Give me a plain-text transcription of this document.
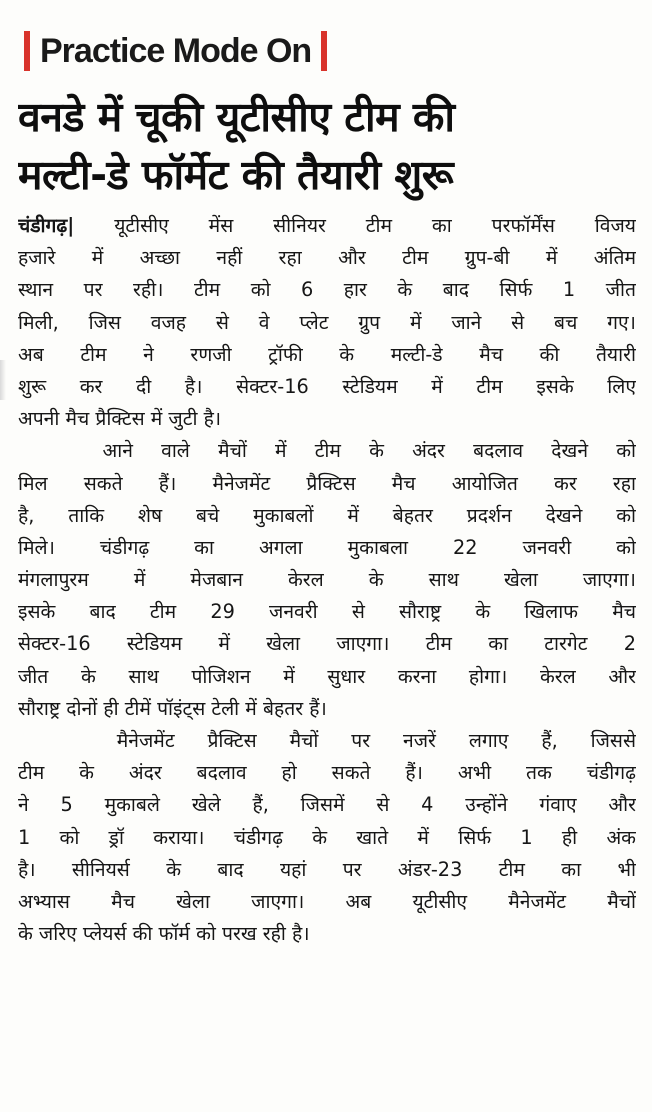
Practice Mode On
वनडे में चूकी यूटीसीए टीम की
मल्टी-डे फॉर्मेट की तैयारी शुरू
चंडीगढ़| यूटीसीए मेंस सीनियर टीम का परफॉर्मेंस विजय
हजारे में अच्छा नहीं रहा और टीम ग्रुप-बी में अंतिम
स्थान पर रही। टीम को 6 हार के बाद सिर्फ 1 जीत
मिली, जिस वजह से वे प्लेट ग्रुप में जाने से बच गए।
अब टीम ने रणजी ट्रॉफी के मल्टी-डे मैच की तैयारी
शुरू कर दी है। सेक्टर-16 स्टेडियम में टीम इसके लिए
अपनी मैच प्रैक्टिस में जुटी है।
आने वाले मैचों में टीम के अंदर बदलाव देखने को
मिल सकते हैं। मैनेजमेंट प्रैक्टिस मैच आयोजित कर रहा
है, ताकि शेष बचे मुकाबलों में बेहतर प्रदर्शन देखने को
मिले। चंडीगढ़ का अगला मुकाबला 22 जनवरी को
मंगलापुरम में मेजबान केरल के साथ खेला जाएगा।
इसके बाद टीम 29 जनवरी से सौराष्ट्र के खिलाफ मैच
सेक्टर-16 स्टेडियम में खेला जाएगा। टीम का टारगेट 2
जीत के साथ पोजिशन में सुधार करना होगा। केरल और
सौराष्ट्र दोनों ही टीमें पॉइंट्स टेली में बेहतर हैं।
मैनेजमेंट प्रैक्टिस मैचों पर नजरें लगाए हैं, जिससे
टीम के अंदर बदलाव हो सकते हैं। अभी तक चंडीगढ़
ने 5 मुकाबले खेले हैं, जिसमें से 4 उन्होंने गंवाए और
1 को ड्रॉ कराया। चंडीगढ़ के खाते में सिर्फ 1 ही अंक
है। सीनियर्स के बाद यहां पर अंडर-23 टीम का भी
अभ्यास मैच खेला जाएगा। अब यूटीसीए मैनेजमेंट मैचों
के जरिए प्लेयर्स की फॉर्म को परख रही है।
